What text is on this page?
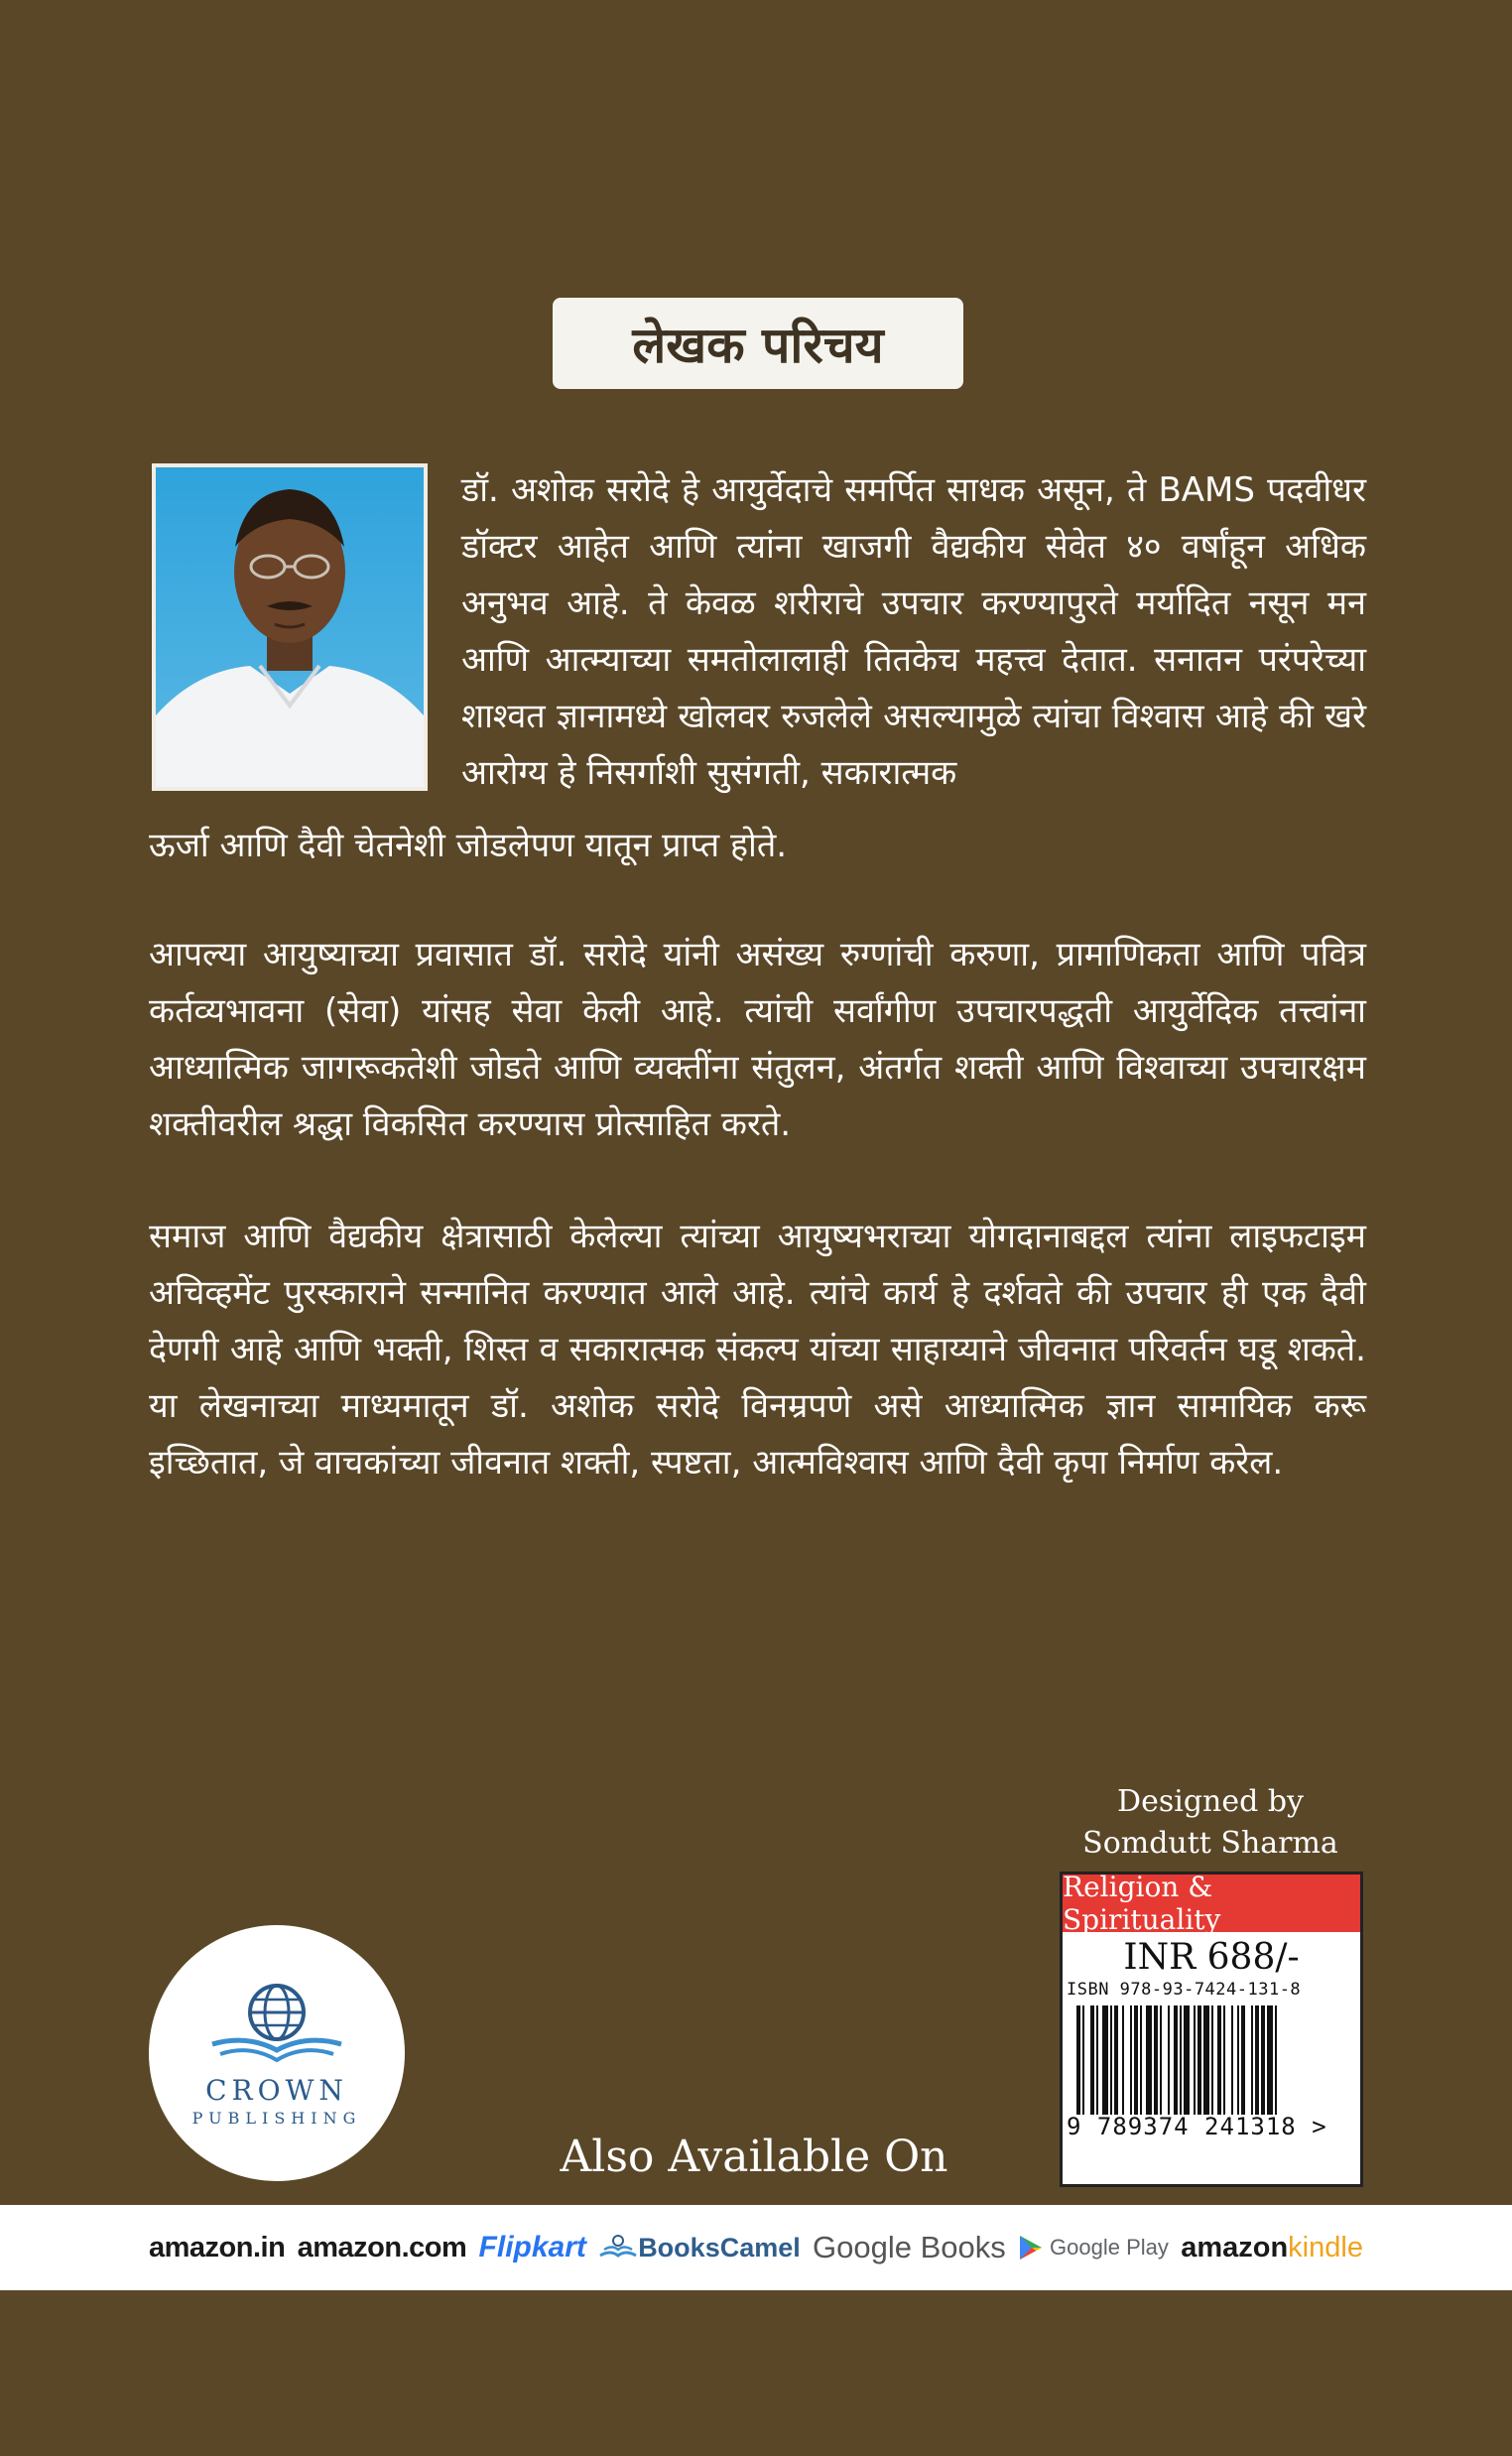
लेखक परिचय

डॉ. अशोक सरोदे हे आयुर्वेदाचे समर्पित साधक असून, ते BAMS पदवीधर डॉक्टर आहेत आणि त्यांना खाजगी वैद्यकीय सेवेत ४० वर्षांहून अधिक अनुभव आहे. ते केवळ शरीराचे उपचार करण्यापुरते मर्यादित नसून मन आणि आत्म्याच्या समतोलालाही तितकेच महत्त्व देतात. सनातन परंपरेच्या शाश्वत ज्ञानामध्ये खोलवर रुजलेले असल्यामुळे त्यांचा विश्वास आहे की खरे आरोग्य हे निसर्गाशी सुसंगती, सकारात्मक

ऊर्जा आणि दैवी चेतनेशी जोडलेपण यातून प्राप्त होते.

आपल्या आयुष्याच्या प्रवासात डॉ. सरोदे यांनी असंख्य रुग्णांची करुणा, प्रामाणिकता आणि पवित्र कर्तव्यभावना (सेवा) यांसह सेवा केली आहे. त्यांची सर्वांगीण उपचारपद्धती आयुर्वेदिक तत्त्वांना आध्यात्मिक जागरूकतेशी जोडते आणि व्यक्तींना संतुलन, अंतर्गत शक्ती आणि विश्वाच्या उपचारक्षम शक्तीवरील श्रद्धा विकसित करण्यास प्रोत्साहित करते.

समाज आणि वैद्यकीय क्षेत्रासाठी केलेल्या त्यांच्या आयुष्यभराच्या योगदानाबद्दल त्यांना लाइफटाइम अचिव्हमेंट पुरस्काराने सन्मानित करण्यात आले आहे. त्यांचे कार्य हे दर्शवते की उपचार ही एक दैवी देणगी आहे आणि भक्ती, शिस्त व सकारात्मक संकल्प यांच्या साहाय्याने जीवनात परिवर्तन घडू शकते. या लेखनाच्या माध्यमातून डॉ. अशोक सरोदे विनम्रपणे असे आध्यात्मिक ज्ञान सामायिक करू इच्छितात, जे वाचकांच्या जीवनात शक्ती, स्पष्टता, आत्मविश्वास आणि दैवी कृपा निर्माण करेल.

Designed by
Somdutt Sharma
Religion & Spirituality
INR 688/-
ISBN 978-93-7424-131-8
9 789374 241318 >
CROWN
PUBLISHING
Also Available On
amazon.in amazon.com Flipkart BooksCamel Google Books Google Play amazon kindle
